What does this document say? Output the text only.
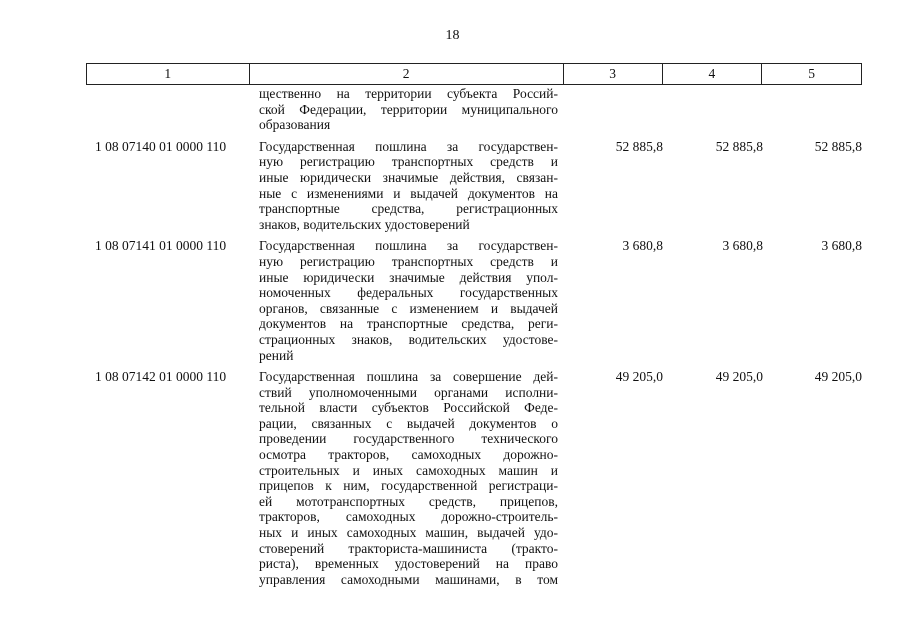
18
1	2	3	4	5
щественно на территории субъекта Россий-
ской Федерации, территории муниципального
образования
1 08 07140 01 0000 110	Государственная пошлина за государствен-
ную регистрацию транспортных средств и
иные юридически значимые действия, связан-
ные с изменениями и выдачей документов на
транспортные средства, регистрационных
знаков, водительских удостоверений
52 885,8	52 885,8	52 885,8
1 08 07141 01 0000 110	Государственная пошлина за государствен-
ную регистрацию транспортных средств и
иные юридически значимые действия упол-
номоченных федеральных государственных
органов, связанные с изменением и выдачей
документов на транспортные средства, реги-
страционных знаков, водительских удостове-
рений
3 680,8	3 680,8	3 680,8
1 08 07142 01 0000 110	Государственная пошлина за совершение дей-
ствий уполномоченными органами исполни-
тельной власти субъектов Российской Феде-
рации, связанных с выдачей документов о
проведении государственного технического
осмотра тракторов, самоходных дорожно-
строительных и иных самоходных машин и
прицепов к ним, государственной регистраци-
ей мототранспортных средств, прицепов,
тракторов, самоходных дорожно-строитель-
ных и иных самоходных машин, выдачей удо-
стоверений тракториста-машиниста (тракто-
риста), временных удостоверений на право
управления самоходными машинами, в том
49 205,0	49 205,0	49 205,0
